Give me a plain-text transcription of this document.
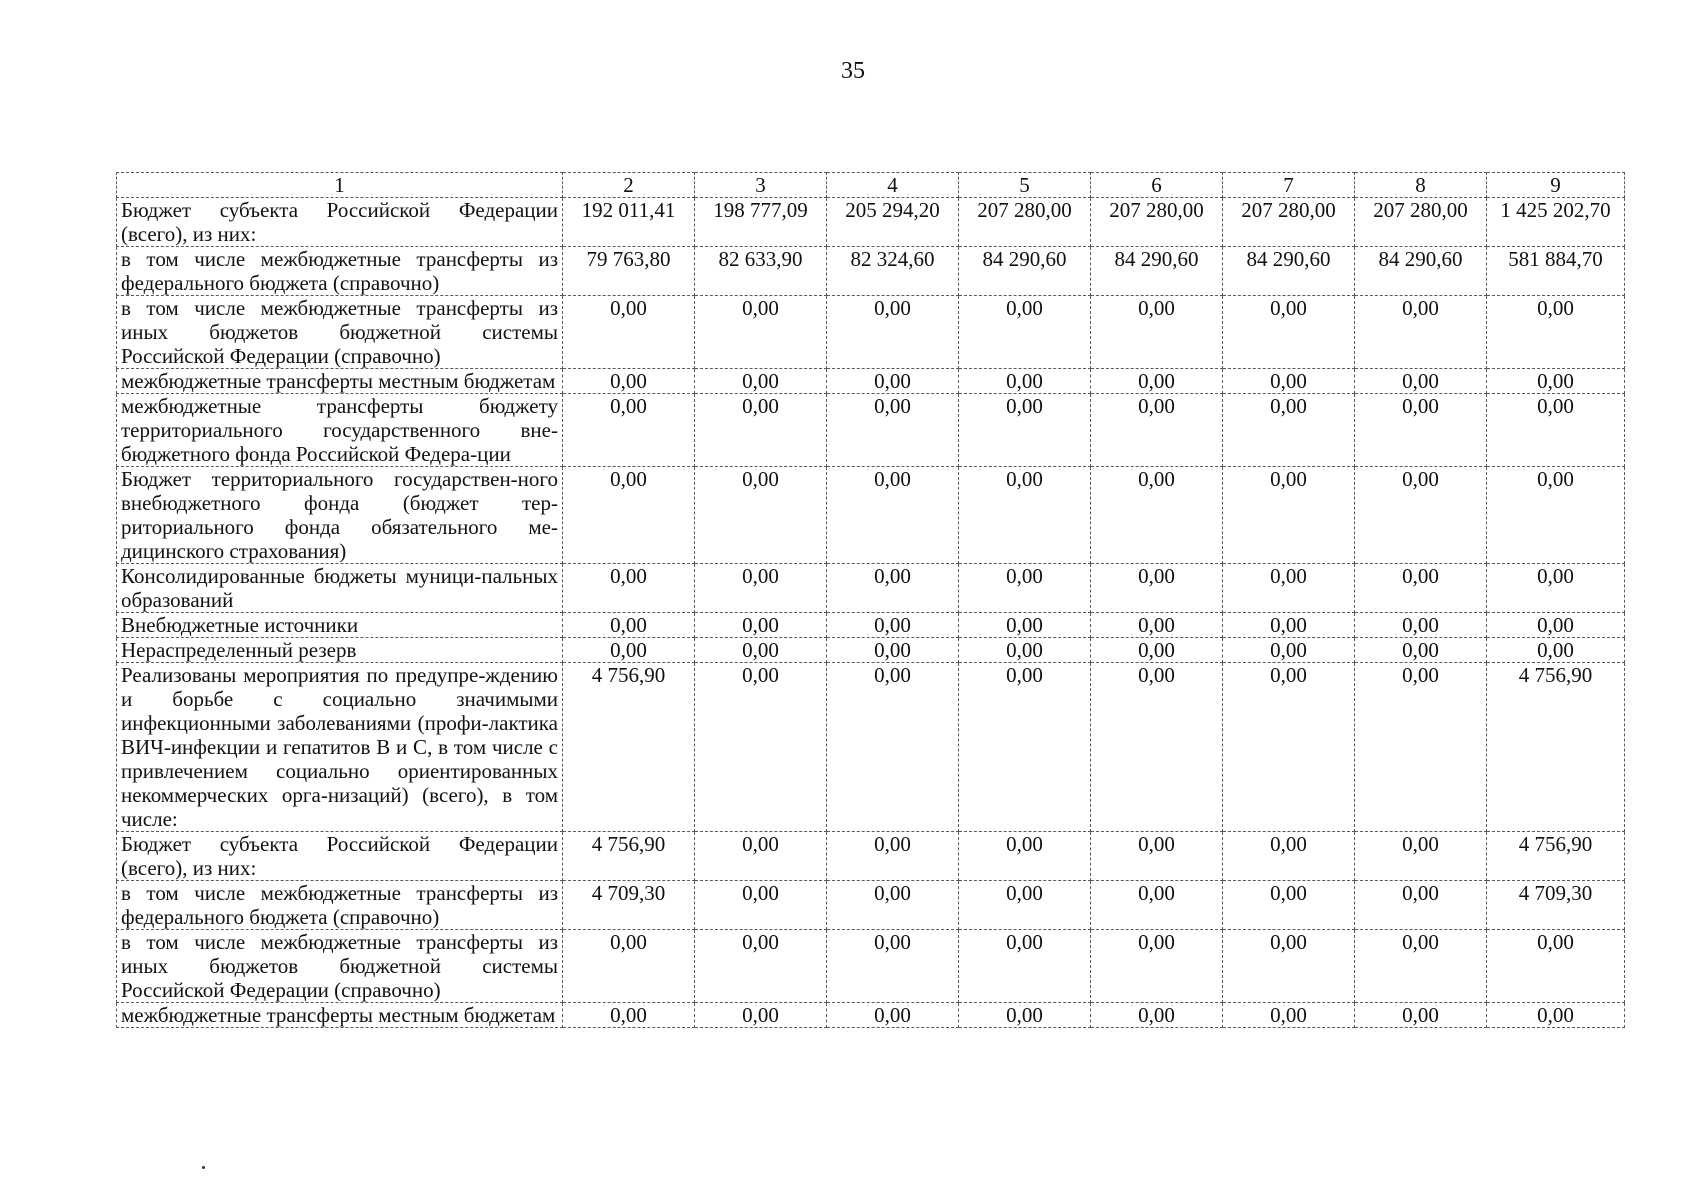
35
1	2	3	4	5	6	7	8	9
Бюджет субъекта Российской Федерации (всего), из них:	192 011,41	198 777,09	205 294,20	207 280,00	207 280,00	207 280,00	207 280,00	1 425 202,70
в том числе межбюджетные трансферты из федерального бюджета (справочно)	79 763,80	82 633,90	82 324,60	84 290,60	84 290,60	84 290,60	84 290,60	581 884,70
в том числе межбюджетные трансферты из иных бюджетов бюджетной системы Российской Федерации (справочно)	0,00	0,00	0,00	0,00	0,00	0,00	0,00	0,00
межбюджетные трансферты местным бюджетам	0,00	0,00	0,00	0,00	0,00	0,00	0,00	0,00
межбюджетные трансферты бюджету территориального государственного вне-бюджетного фонда Российской Федера-ции	0,00	0,00	0,00	0,00	0,00	0,00	0,00	0,00
Бюджет территориального государствен-ного внебюджетного фонда (бюджет тер-риториального фонда обязательного ме-дицинского страхования)	0,00	0,00	0,00	0,00	0,00	0,00	0,00	0,00
Консолидированные бюджеты муници-пальных образований	0,00	0,00	0,00	0,00	0,00	0,00	0,00	0,00
Внебюджетные источники	0,00	0,00	0,00	0,00	0,00	0,00	0,00	0,00
Нераспределенный резерв	0,00	0,00	0,00	0,00	0,00	0,00	0,00	0,00
Реализованы мероприятия по предупре-ждению и борьбе с социально значимыми инфекционными заболеваниями (профи-лактика ВИЧ-инфекции и гепатитов B и C, в том числе с привлечением социально ориентированных некоммерческих орга-низаций) (всего), в том числе:	4 756,90	0,00	0,00	0,00	0,00	0,00	0,00	4 756,90
Бюджет субъекта Российской Федерации (всего), из них:	4 756,90	0,00	0,00	0,00	0,00	0,00	0,00	4 756,90
в том числе межбюджетные трансферты из федерального бюджета (справочно)	4 709,30	0,00	0,00	0,00	0,00	0,00	0,00	4 709,30
в том числе межбюджетные трансферты из иных бюджетов бюджетной системы Российской Федерации (справочно)	0,00	0,00	0,00	0,00	0,00	0,00	0,00	0,00
межбюджетные трансферты местным бюджетам	0,00	0,00	0,00	0,00	0,00	0,00	0,00	0,00
